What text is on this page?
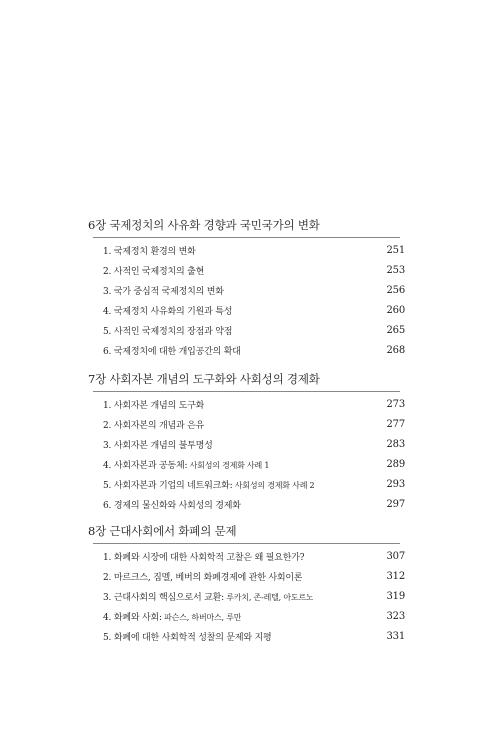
6장 국제정치의 사유화 경향과 국민국가의 변화
1. 국제정치 환경의 변화	251
2. 사적인 국제정치의 출현	253
3. 국가 중심적 국제정치의 변화	256
4. 국제정치 사유화의 기원과 특성	260
5. 사적인 국제정치의 장점과 약점	265
6. 국제정치에 대한 개입공간의 확대	268
7장 사회자본 개념의 도구화와 사회성의 경제화
1. 사회자본 개념의 도구화	273
2. 사회자본의 개념과 은유	277
3. 사회자본 개념의 불투명성	283
4. 사회자본과 공동체: 사회성의 경제화 사례 1	289
5. 사회자본과 기업의 네트워크화: 사회성의 경제화 사례 2	293
6. 경제의 물신화와 사회성의 경제화	297
8장 근대사회에서 화폐의 문제
1. 화폐와 시장에 대한 사회학적 고찰은 왜 필요한가?	307
2. 마르크스, 짐멜, 베버의 화폐경제에 관한 사회이론	312
3. 근대사회의 핵심으로서 교환: 루카치, 존-레텔, 아도르노	319
4. 화폐와 사회: 파슨스, 하버마스, 루만	323
5. 화폐에 대한 사회학적 성찰의 문제와 지평	331
